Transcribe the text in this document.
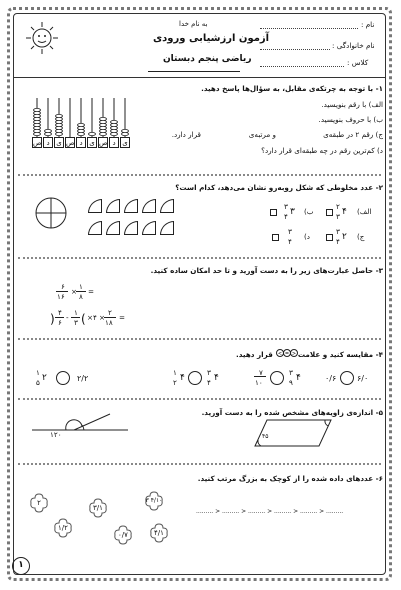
به نام خدا
آزمون ارزشیابی ورودی
ریاضی پنجم دبستان
نام :
نام خانوادگی :
کلاس :
۱- با توجه به چرتکه‌ی مقابل، به سؤال‌ها پاسخ دهید.
الف) با رقم بنویسید.
ب) با حروف بنویسید.
ج) رقم ۲ در طبقه‌ی
و مرتبه‌ی
قرار دارد.
د) کم‌ترین رقم در چه طبقه‌ای قرار دارد؟
ص د ی ص د ی ص د ی
۲- عدد مخلوطی که شکل روبه‌رو نشان می‌دهد، کدام است؟
الف)
۴
۲
۳
ب)
۳
۳
۴
ج)
۲
۳
۴
د)
۳
۴
۳- حاصل عبارت‌های زیر را به دست آورید و تا حد امکان ساده کنید.
۶
۱۶
×
۱
۸
=
( ۴
۶
-
۱
۳ ) × ۴ ×
۲
۱۸
=
۴- مقایسه کنید و علامت
< = >
قرار دهید.
۶/۰
۰/۶
۴
۳
۹
۷
۱۰
۴
۳
۴
۴
۱
۲
۲/۲
۲
۱
۵
۵- اندازه‌ی زاویه‌های مشخص شده را به دست آورید.
۱۲۰	۴۵
۶- عددهای داده شده را از کوچک به بزرگ مرتب کنید.
۲
۳/۱
۳ ۴/۱۰
۱/۲
۰/۷	۴/۱
......... > ......... > ......... > ......... > ......... > .........
۱
